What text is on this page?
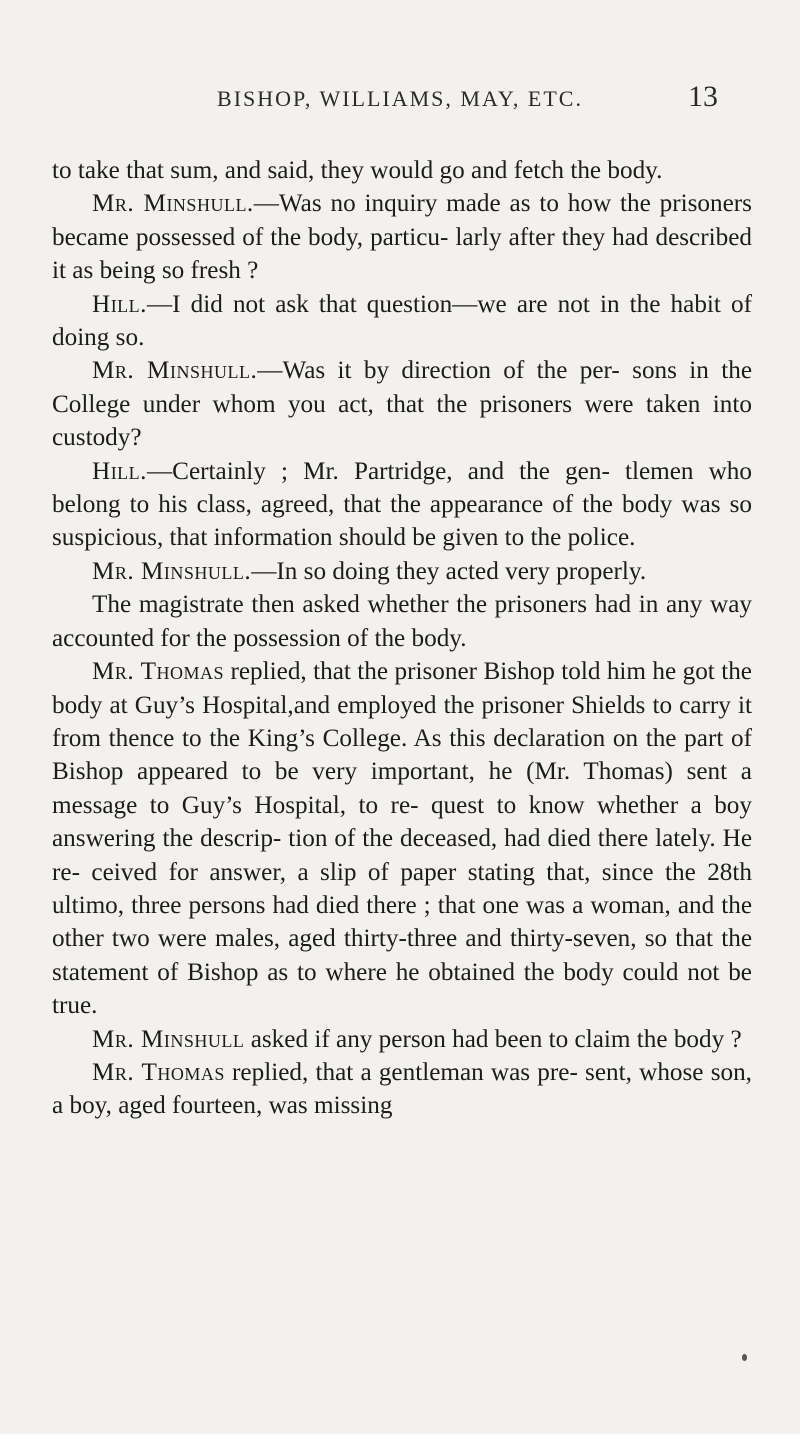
BISHOP, WILLIAMS, MAY, ETC.	13

to take that sum, and said, they would go and fetch the body.

Mr. Minshull.—Was no inquiry made as to how the prisoners became possessed of the body, particu- larly after they had described it as being so fresh ?

Hill.—I did not ask that question—we are not in the habit of doing so.

Mr. Minshull.—Was it by direction of the per- sons in the College under whom you act, that the prisoners were taken into custody?

Hill.—Certainly ; Mr. Partridge, and the gen- tlemen who belong to his class, agreed, that the appearance of the body was so suspicious, that information should be given to the police.

Mr. Minshull.—In so doing they acted very properly.

The magistrate then asked whether the prisoners had in any way accounted for the possession of the body.

Mr. Thomas replied, that the prisoner Bishop told him he got the body at Guy’s Hospital,and employed the prisoner Shields to carry it from thence to the King’s College. As this declaration on the part of Bishop appeared to be very important, he (Mr. Thomas) sent a message to Guy’s Hospital, to re- quest to know whether a boy answering the descrip- tion of the deceased, had died there lately. He re- ceived for answer, a slip of paper stating that, since the 28th ultimo, three persons had died there ; that one was a woman, and the other two were males, aged thirty-three and thirty-seven, so that the statement of Bishop as to where he obtained the body could not be true.

Mr. Minshull asked if any person had been to claim the body ?

Mr. Thomas replied, that a gentleman was pre- sent, whose son, a boy, aged fourteen, was missing
